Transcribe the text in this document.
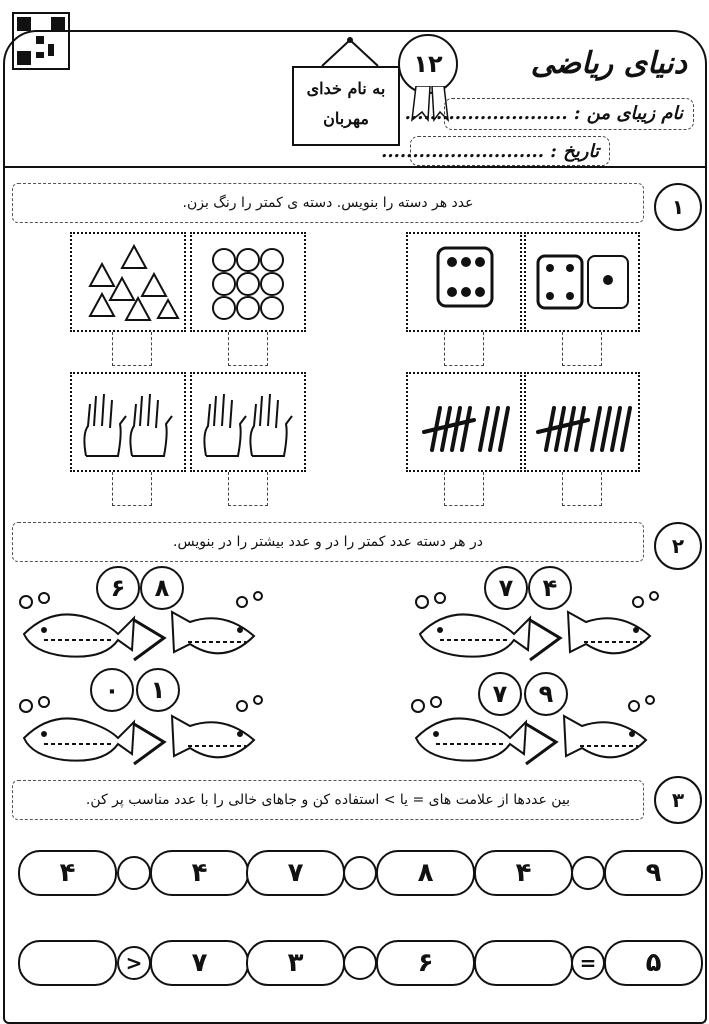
دنیای ریاضی
۱۲
به نام خدای
مهربان	نام زیبای من : ..........................
تاریخ : ..........................
عدد هر دسته را بنویس. دسته ی کمتر را رنگ بزن.	۱
در هر دسته عدد کمتر را در و عدد بیشتر را در بنویس.	۲
۶	۸	۷	۴
۰	۱	۷	۹
بین عددها از علامت های = یا > استفاده کن و جاهای خالی را با عدد مناسب پر کن.	۳
۴	۴	۷	۸	۴	۹
>	۷	۳	۶	=	۵
